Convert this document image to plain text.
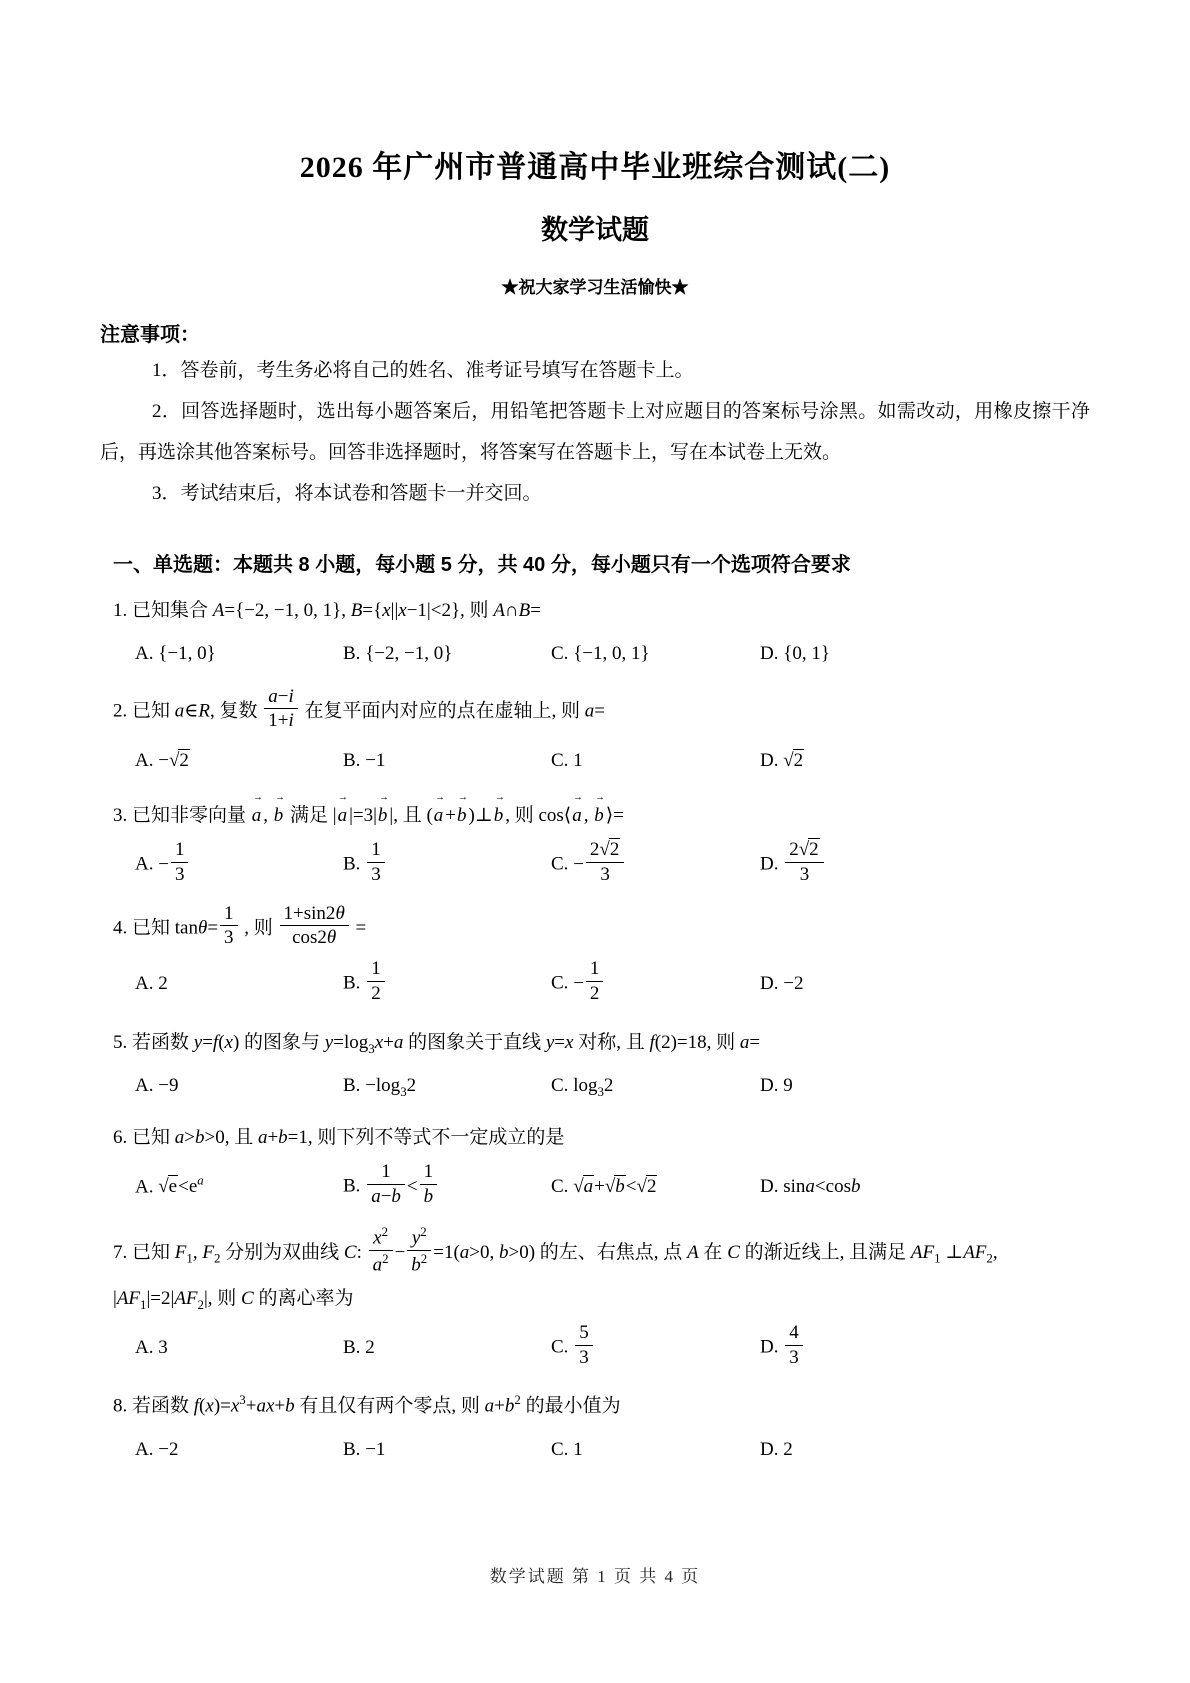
2026 年广州市普通高中毕业班综合测试(二)
数学试题
★祝大家学习生活愉快★
注意事项：

1．答卷前，考生务必将自己的姓名、准考证号填写在答题卡上。

2．回答选择题时，选出每小题答案后，用铅笔把答题卡上对应题目的答案标号涂黑。如需改动，用橡皮擦干净后，再选涂其他答案标号。回答非选择题时，将答案写在答题卡上，写在本试卷上无效。

3．考试结束后，将本试卷和答题卡一并交回。

一、单选题：本题共 8 小题，每小题 5 分，共 40 分，每小题只有一个选项符合要求
1. 已知集合 A={−2, −1, 0, 1}, B={x||x−1|<2}, 则 A∩B=
A. {−1, 0}	B. {−2, −1, 0}	C. {−1, 0, 1}	D. {0, 1}
2. 已知 a∈R, 复数 $\frac{a-i}{1+i}$ 在复平面内对应的点在虚轴上, 则 a=
A. −√2	B. −1	C. 1	D. √2
3. 已知非零向量 a → , b → 满足 |a → |=3|b → |, 且 (a → +b → )⊥b → , 则 cos⟨a → , b → ⟩=
A. − $\frac{1}{3}$	B. $\frac{1}{3}$	C. − $\frac{2√2}{3}$	D. $\frac{2√2}{3}$
4. 已知 $\tan\theta= \frac{1}{3}$ , 则 $\frac{1+\sin 2\theta}{\cos 2\theta}$ =
A. 2	B. $\frac{1}{2}$	C. − $\frac{1}{2}$	D. −2
5. 若函数 y=f(x) 的图象与 $y=\log_3x+a$ 的图象关于直线 y=x 对称, 且 f(2)=18, 则 a=
A. −9	B. $-\log_32$	C. $\log_32$	D. 9
6. 已知 a>b>0, 且 a+b=1, 则下列不等式不一定成立的是
A. $√e<e^a$	B. $\frac{1}{a-b} < \frac{1}{b}$	C. √a+√b<√2	D. sina<cosb
7. 已知 $F_1$, $F_2$ 分别为双曲线 C: $\frac{x^2}{a^2} - \frac{y^2}{b^2} =1(a>0$, b>0) 的左、右焦点, 点 A 在 C 的渐近线上, 且满足 $AF_1$ $\perp AF_2$, $|AF_1|=2|AF_2|$, 则 C 的离心率为
A. 3	B. 2	C. $\frac{5}{3}$	D. $\frac{4}{3}$
8. 若函数 $f(x)=x^3+ax+b$ 有且仅有两个零点, 则 $a+b^2$ 的最小值为
A. −2	B. −1	C. 1	D. 2
数学试题 第 1 页 共 4 页
